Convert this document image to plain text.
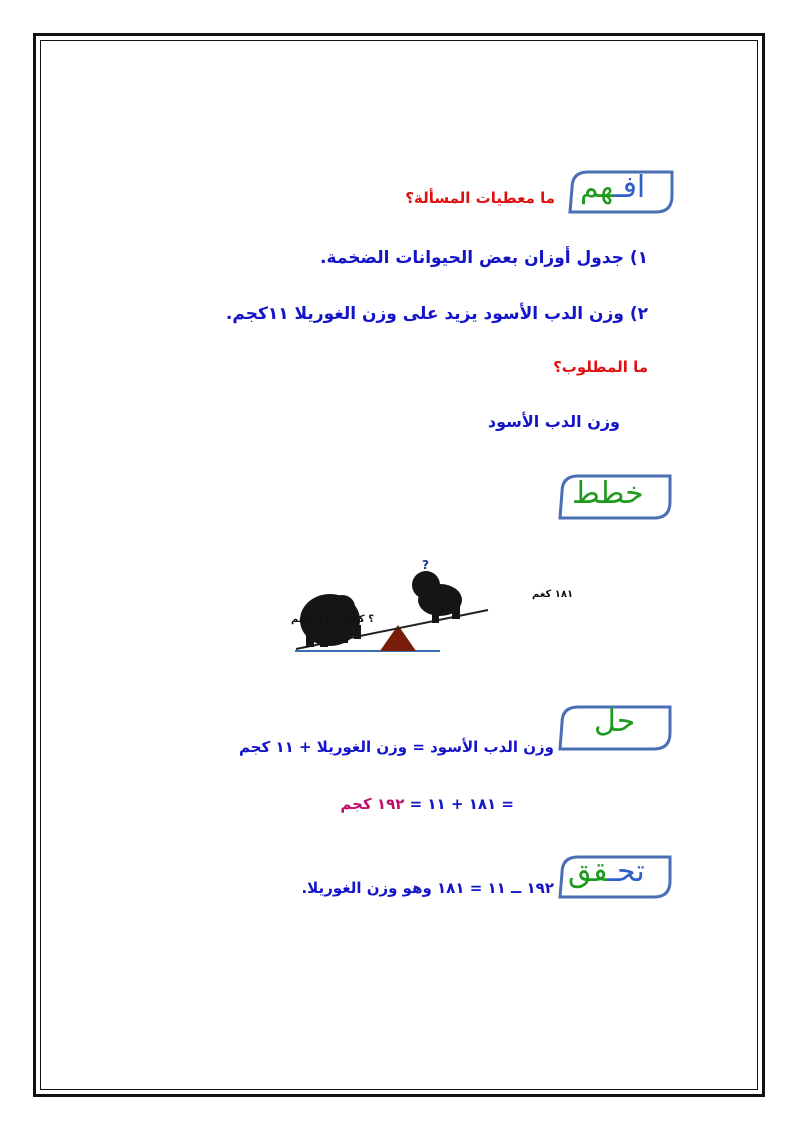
افـهم
ما معطيات المسألة؟
١) جدول أوزان بعض الحيوانات الضخمة.
٢) وزن الدب الأسود يزيد على وزن الغوريلا ١١كجم.
ما المطلوب؟
وزن الدب الأسود
خطط
?
١٨١ كغم
؟ كغم + ١١ كلغم
حل
وزن الدب الأسود = وزن الغوريلا + ١١ كجم
= ١٨١ + ١١ = ١٩٢ كجم
تحـقق
١٩٢ ــ ١١ = ١٨١ وهو وزن الغوريلا.
